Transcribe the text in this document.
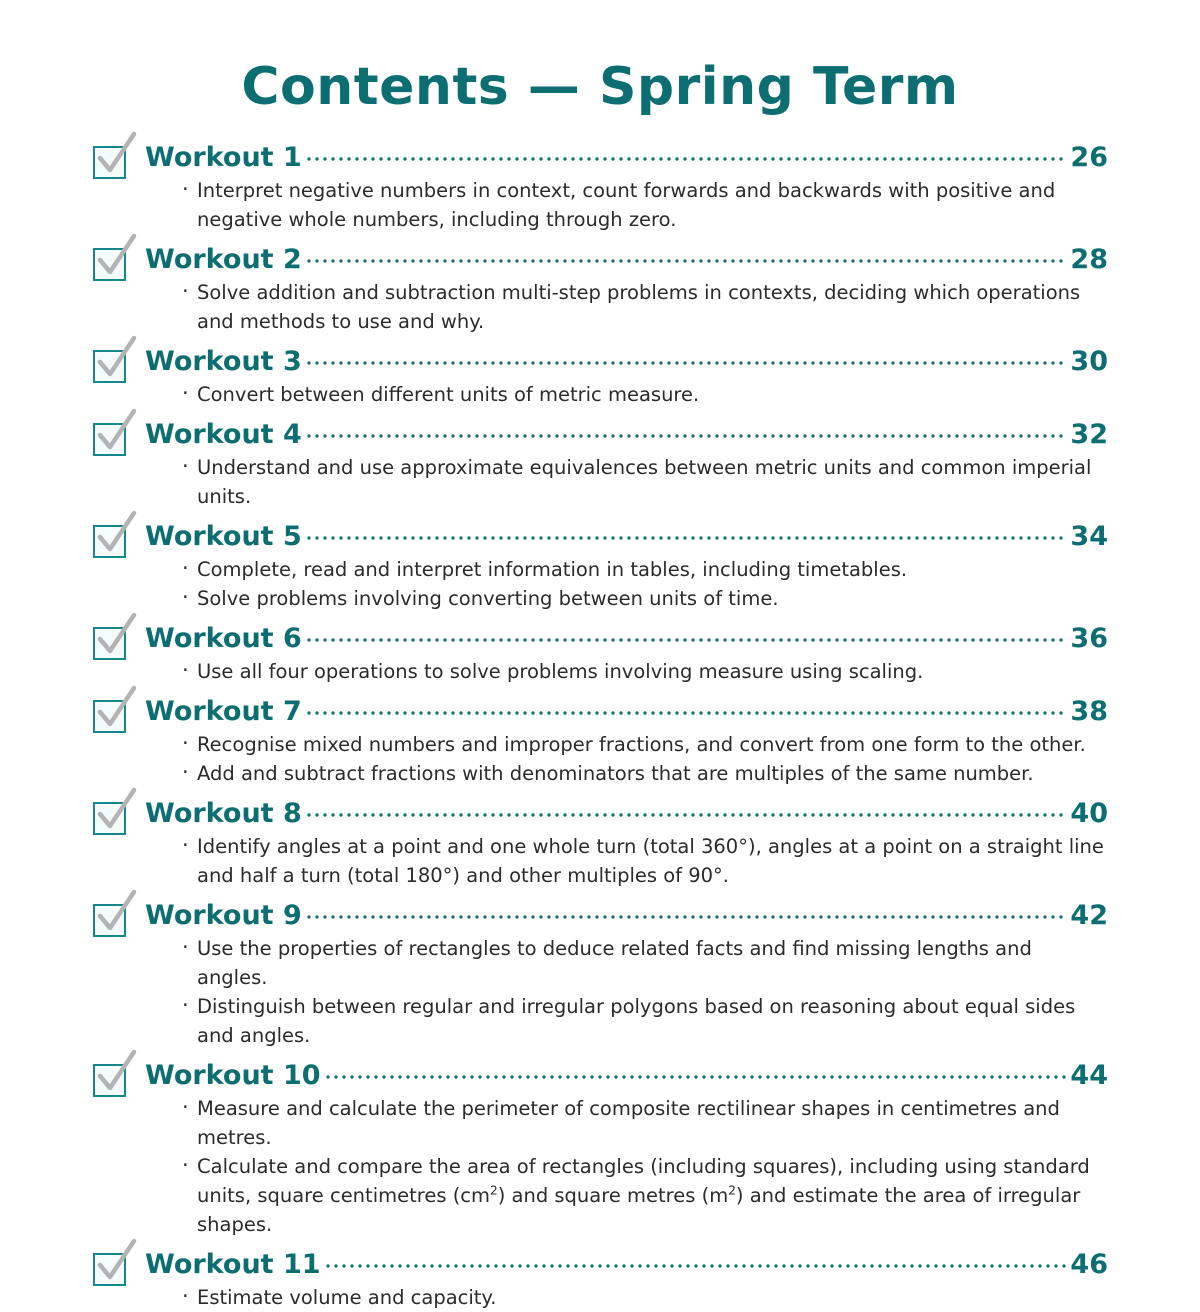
Contents — Spring Term
Workout 1	26

· Interpret negative numbers in context, count forwards and backwards with positive and negative whole numbers, including through zero.

Workout 2	28

· Solve addition and subtraction multi-step problems in contexts, deciding which operations and methods to use and why.

Workout 3	30

· Convert between different units of metric measure.

Workout 4	32

· Understand and use approximate equivalences between metric units and common imperial units.

Workout 5	34

· Complete, read and interpret information in tables, including timetables.

· Solve problems involving converting between units of time.

Workout 6	36

· Use all four operations to solve problems involving measure using scaling.

Workout 7	38

· Recognise mixed numbers and improper fractions, and convert from one form to the other.

· Add and subtract fractions with denominators that are multiples of the same number.

Workout 8	40

· Identify angles at a point and one whole turn (total 360°), angles at a point on a straight line and half a turn (total 180°) and other multiples of 90°.

Workout 9	42

· Use the properties of rectangles to deduce related facts and find missing lengths and angles.

· Distinguish between regular and irregular polygons based on reasoning about equal sides and angles.

Workout 10	44

· Measure and calculate the perimeter of composite rectilinear shapes in centimetres and metres.

· Calculate and compare the area of rectangles (including squares), including using standard units, square centimetres $(cm^2)$ and square metres $(m^2)$ and estimate the area of irregular shapes.

Workout 11	46

· Estimate volume and capacity.
